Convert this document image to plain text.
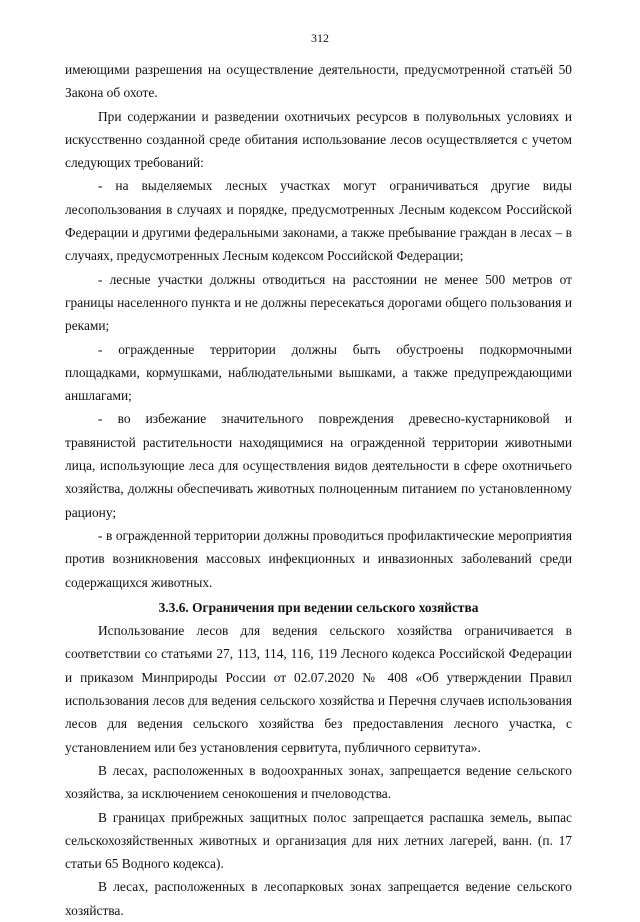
312

имеющими разрешения на осуществление деятельности, предусмотренной статьёй 50 Закона об охоте.

При содержании и разведении охотничьих ресурсов в полувольных условиях и искусственно созданной среде обитания использование лесов осуществляется с учетом следующих требований:

- на выделяемых лесных участках могут ограничиваться другие виды лесопользования в случаях и порядке, предусмотренных Лесным кодексом Российской Федерации и другими федеральными законами, а также пребывание граждан в лесах – в случаях, предусмотренных Лесным кодексом Российской Федерации;

- лесные участки должны отводиться на расстоянии не менее 500 метров от границы населенного пункта и не должны пересекаться дорогами общего пользования и реками;

- огражденные территории должны быть обустроены подкормочными площадками, кормушками, наблюдательными вышками, а также предупреждающими аншлагами;

- во избежание значительного повреждения древесно-кустарниковой и травянистой растительности находящимися на огражденной территории животными лица, использующие леса для осуществления видов деятельности в сфере охотничьего хозяйства, должны обеспечивать животных полноценным питанием по установленному рациону;

- в огражденной территории должны проводиться профилактические мероприятия против возникновения массовых инфекционных и инвазионных заболеваний среди содержащихся животных.

3.3.6. Ограничения при ведении сельского хозяйства

Использование лесов для ведения сельского хозяйства ограничивается в соответствии со статьями 27, 113, 114, 116, 119 Лесного кодекса Российской Федерации и приказом Минприроды России от 02.07.2020 № 408 «Об утверждении Правил использования лесов для ведения сельского хозяйства и Перечня случаев использования лесов для ведения сельского хозяйства без предоставления лесного участка, с установлением или без установления сервитута, публичного сервитута».

В лесах, расположенных в водоохранных зонах, запрещается ведение сельского хозяйства, за исключением сенокошения и пчеловодства.

В границах прибрежных защитных полос запрещается распашка земель, выпас сельскохозяйственных животных и организация для них летних лагерей, ванн. (п. 17 статьи 65 Водного кодекса).

В лесах, расположенных в лесопарковых зонах запрещается ведение сельского хозяйства.
